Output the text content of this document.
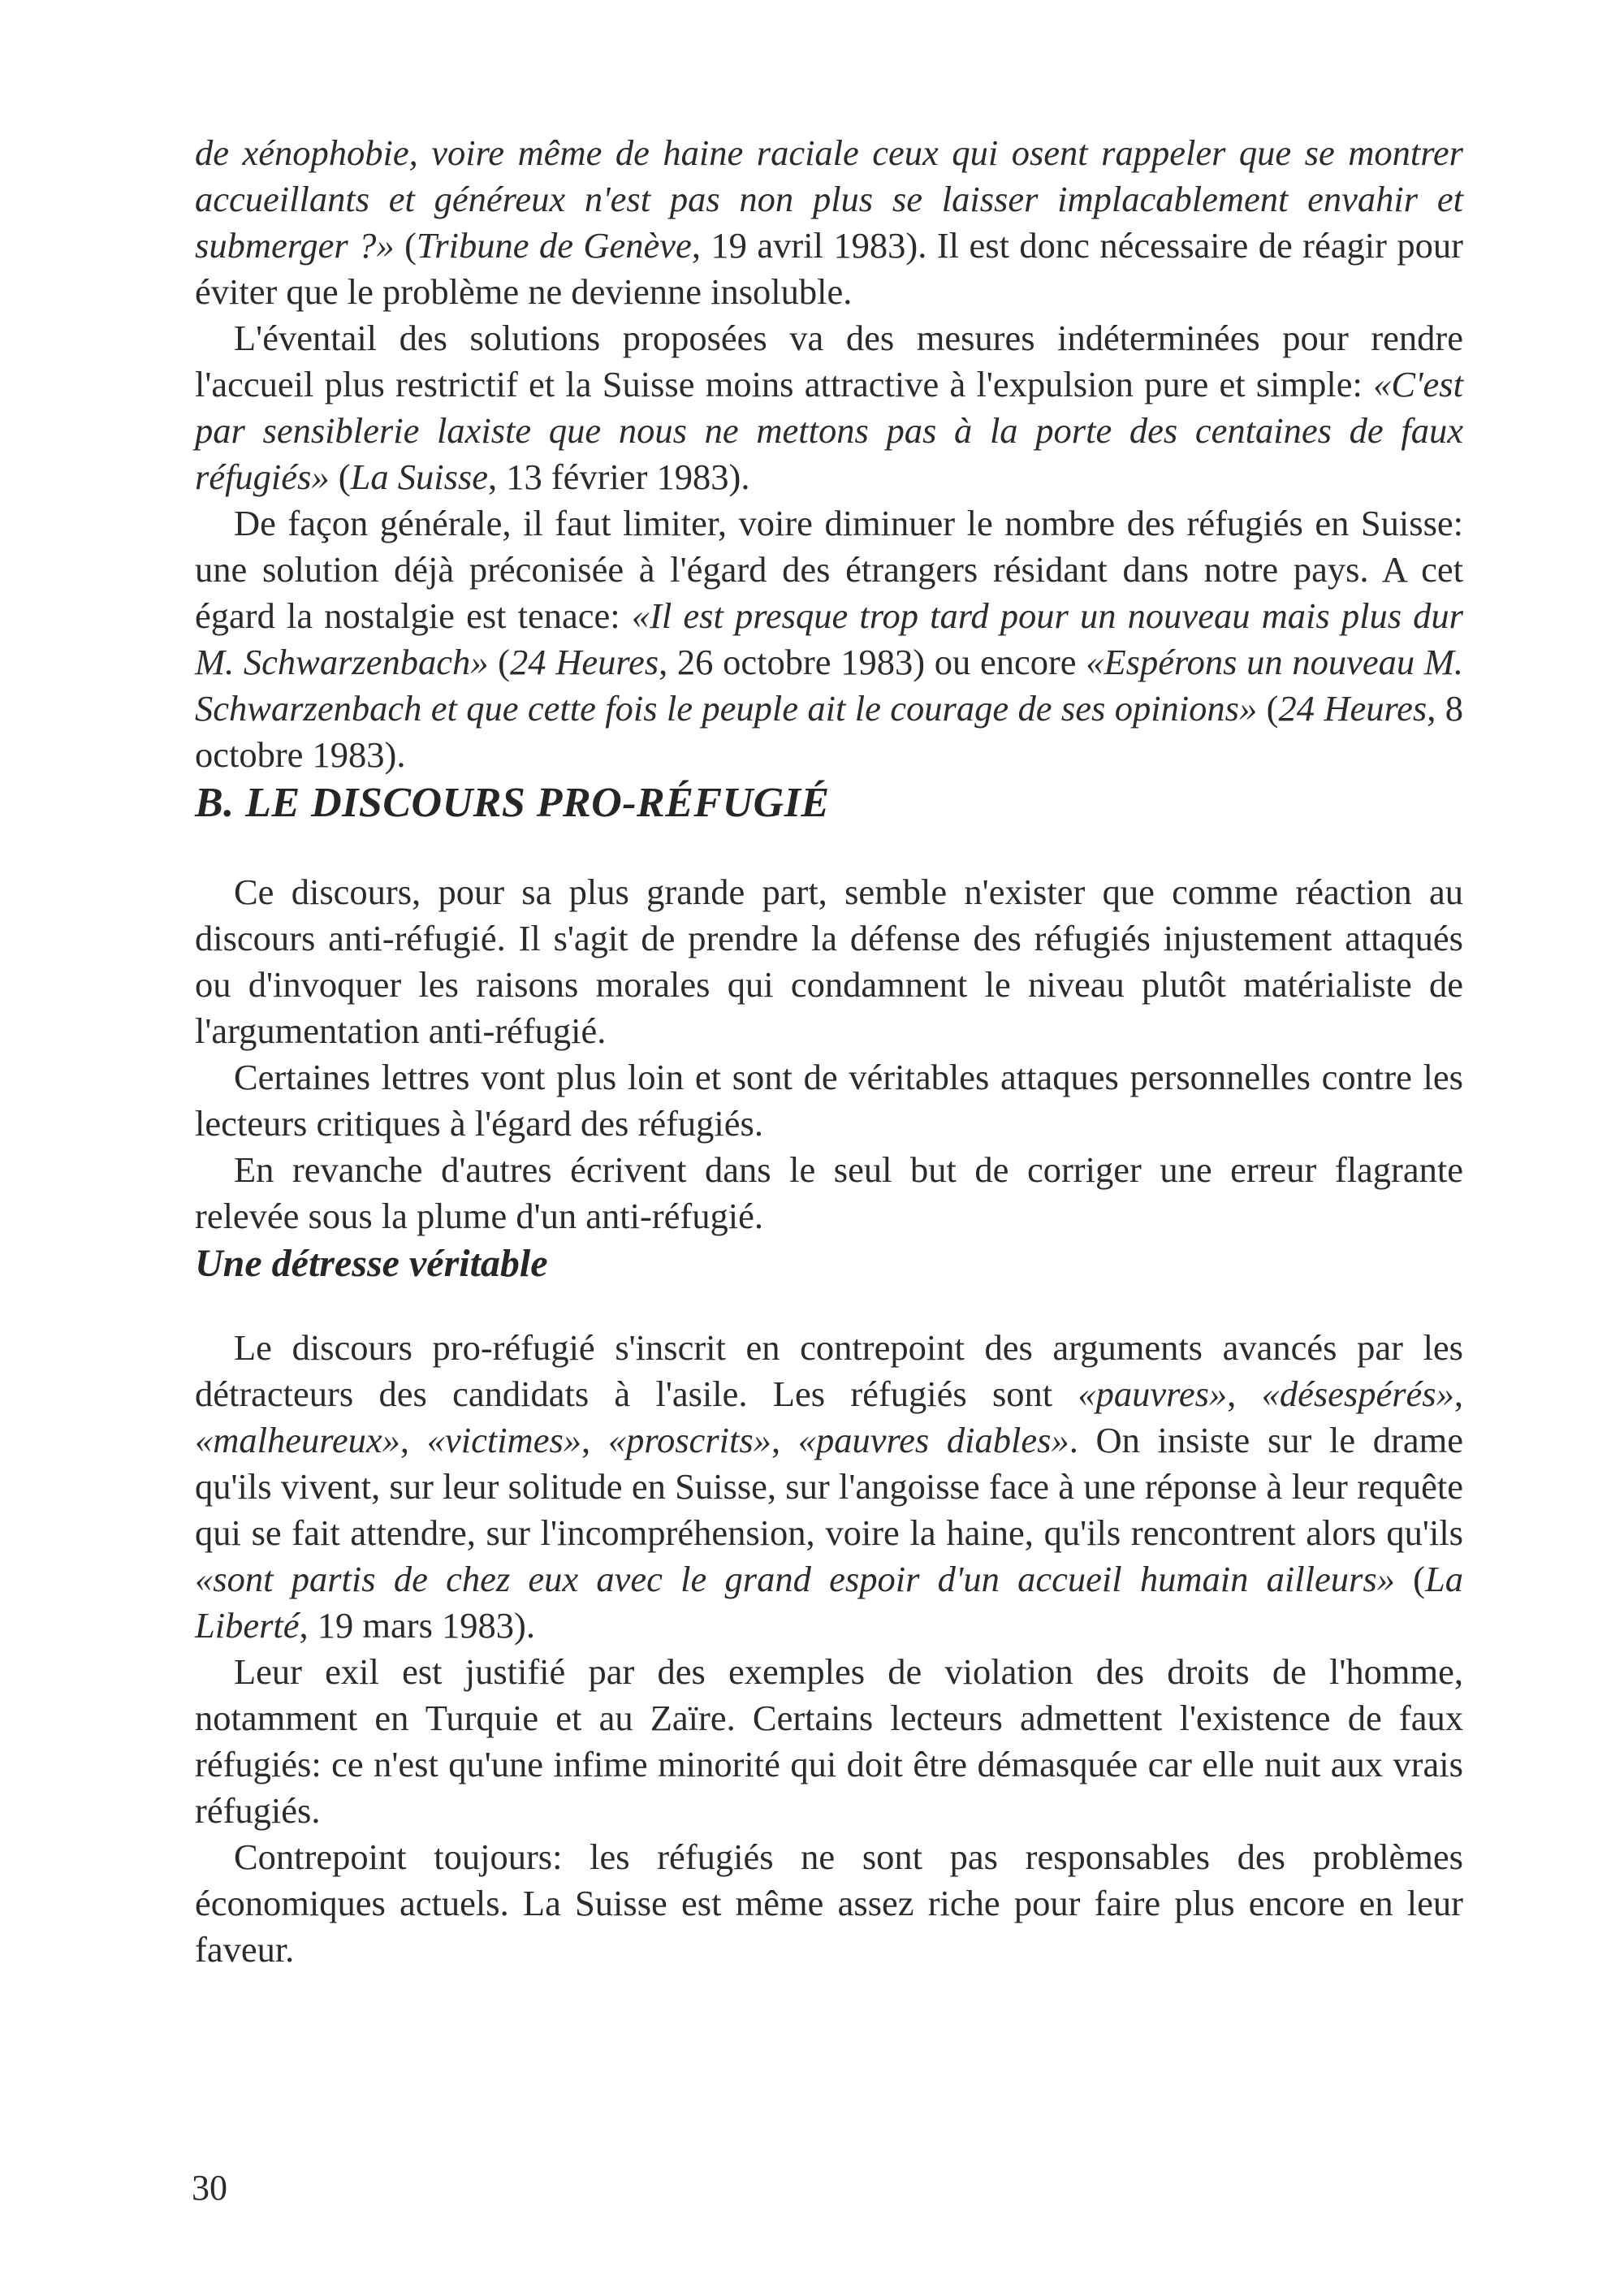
de xénophobie, voire même de haine raciale ceux qui osent rappeler que se montrer accueillants et généreux n'est pas non plus se laisser implacablement envahir et submerger ?» (Tribune de Genève, 19 avril 1983). Il est donc nécessaire de réagir pour éviter que le problème ne devienne insoluble.

L'éventail des solutions proposées va des mesures indéterminées pour rendre l'accueil plus restrictif et la Suisse moins attractive à l'expulsion pure et simple: «C'est par sensiblerie laxiste que nous ne mettons pas à la porte des centaines de faux réfugiés» (La Suisse, 13 février 1983).

De façon générale, il faut limiter, voire diminuer le nombre des réfugiés en Suisse: une solution déjà préconisée à l'égard des étrangers résidant dans notre pays. A cet égard la nostalgie est tenace: «Il est presque trop tard pour un nouveau mais plus dur M. Schwarzenbach» (24 Heures, 26 octobre 1983) ou encore «Espérons un nouveau M. Schwarzenbach et que cette fois le peuple ait le courage de ses opinions» (24 Heures, 8 octobre 1983).

B. LE DISCOURS PRO-RÉFUGIÉ

Ce discours, pour sa plus grande part, semble n'exister que comme réaction au discours anti-réfugié. Il s'agit de prendre la défense des réfugiés injustement attaqués ou d'invoquer les raisons morales qui condamnent le niveau plutôt matérialiste de l'argumentation anti-réfugié.

Certaines lettres vont plus loin et sont de véritables attaques personnelles contre les lecteurs critiques à l'égard des réfugiés.

En revanche d'autres écrivent dans le seul but de corriger une erreur flagrante relevée sous la plume d'un anti-réfugié.

Une détresse véritable

Le discours pro-réfugié s'inscrit en contrepoint des arguments avancés par les détracteurs des candidats à l'asile. Les réfugiés sont «pauvres», «désespérés», «malheureux», «victimes», «proscrits», «pauvres diables». On insiste sur le drame qu'ils vivent, sur leur solitude en Suisse, sur l'angoisse face à une réponse à leur requête qui se fait attendre, sur l'incompréhension, voire la haine, qu'ils rencontrent alors qu'ils «sont partis de chez eux avec le grand espoir d'un accueil humain ailleurs» (La Liberté, 19 mars 1983).

Leur exil est justifié par des exemples de violation des droits de l'homme, notamment en Turquie et au Zaïre. Certains lecteurs admettent l'existence de faux réfugiés: ce n'est qu'une infime minorité qui doit être démasquée car elle nuit aux vrais réfugiés.

Contrepoint toujours: les réfugiés ne sont pas responsables des problèmes économiques actuels. La Suisse est même assez riche pour faire plus encore en leur faveur.

30
